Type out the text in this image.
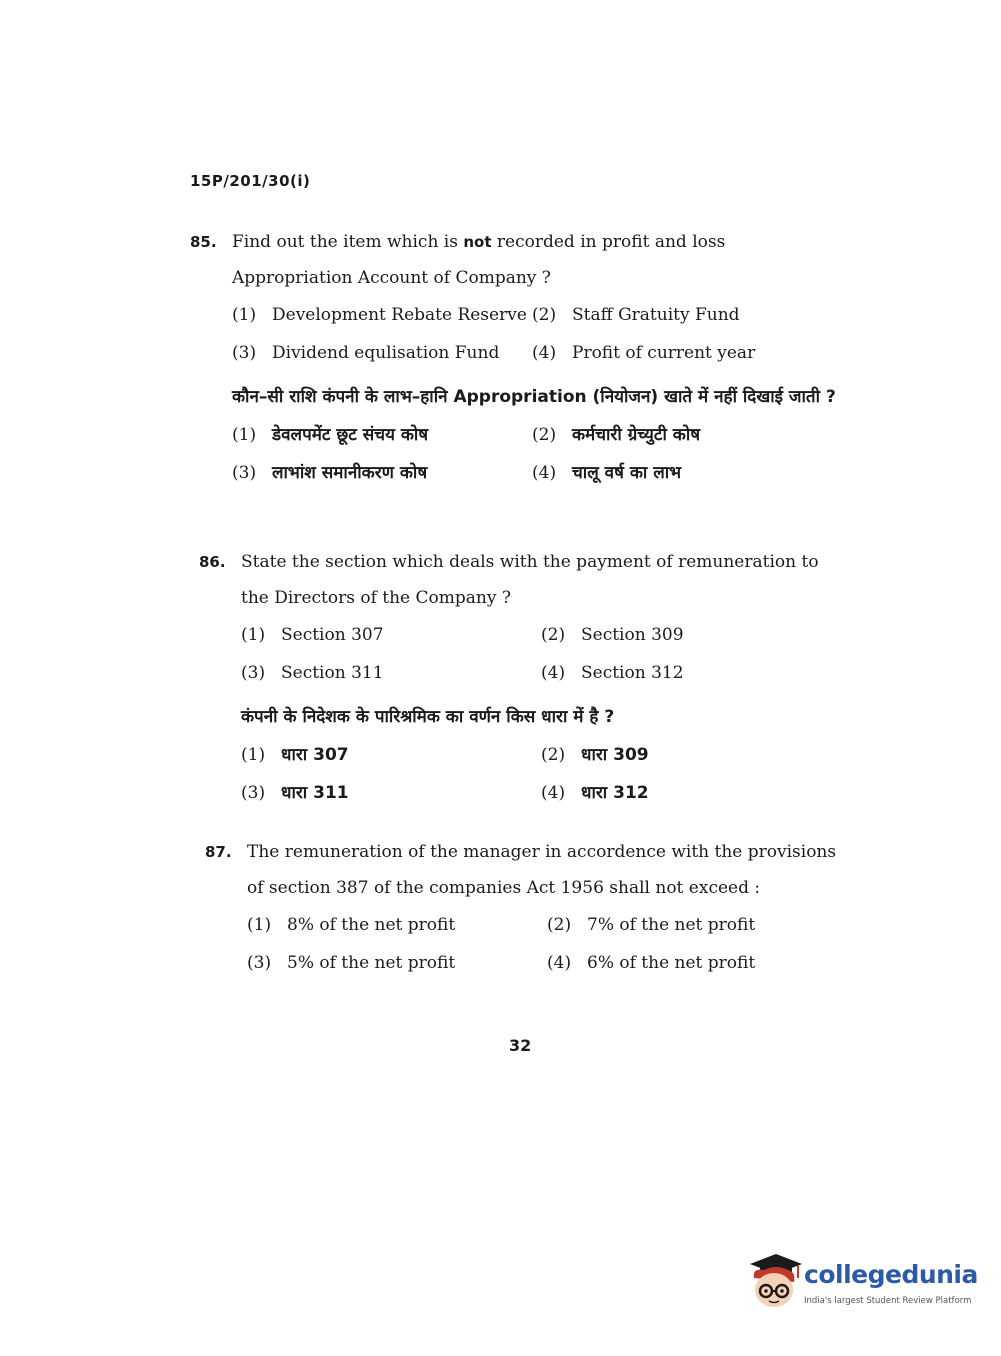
15P/201/30(i)
85. Find out the item which is not recorded in profit and loss Appropriation Account of Company ?
(1) Development Rebate Reserve (2) Staff Gratuity Fund
(3) Dividend equlisation Fund	(4) Profit of current year
कौन–सी राशि कंपनी के लाभ–हानि Appropriation (नियोजन) खाते में नहीं दिखाई जाती ?
(1) डेवलपमेंट छूट संचय कोष	(2) कर्मचारी ग्रेच्युटी कोष
(3) लाभांश समानीकरण कोष	(4) चालू वर्ष का लाभ
86. State the section which deals with the payment of remuneration to the Directors of the Company ?
(1) Section 307	(2) Section 309
(3) Section 311	(4) Section 312
कंपनी के निदेशक के पारिश्रमिक का वर्णन किस धारा में है ?
(1) धारा 307	(2) धारा 309
(3) धारा 311	(4) धारा 312
87. The remuneration of the manager in accordence with the provisions of section 387 of the companies Act 1956 shall not exceed :
(1) 8% of the net profit	(2) 7% of the net profit
(3) 5% of the net profit	(4) 6% of the net profit
32
collegedunia
India's largest Student Review Platform
